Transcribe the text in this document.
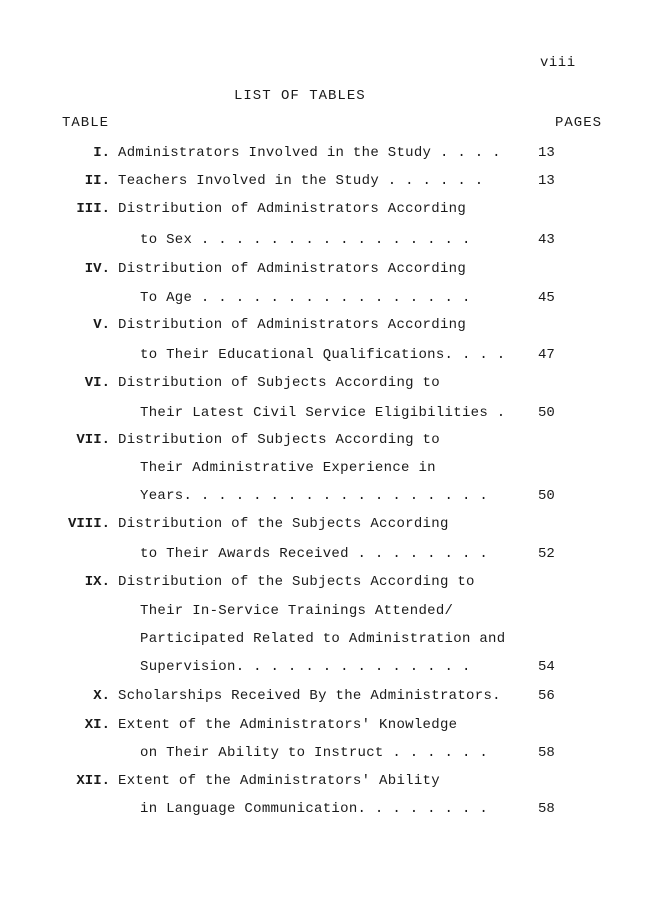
viii
LIST OF TABLES
TABLE	PAGES
I. Administrators Involved in the Study . . . .	13
II. Teachers Involved in the Study . . . . . .	13
III. Distribution of Administrators According
to Sex . . . . . . . . . . . . . . . .	43
IV. Distribution of Administrators According
To Age . . . . . . . . . . . . . . . .	45
V. Distribution of Administrators According
to Their Educational Qualifications. . . . 47
VI. Distribution of Subjects According to
Their Latest Civil Service Eligibilities . 50
VII. Distribution of Subjects According to
Their Administrative Experience in
Years. . . . . . . . . . . . . . . . . .	50
VIII. Distribution of the Subjects According
to Their Awards Received . . . . . . . .	52
IX. Distribution of the Subjects According to
Their In-Service Trainings Attended/
Participated Related to Administration and
Supervision. . . . . . . . . . . . . .	54
X. Scholarships Received By the Administrators.	56
XI. Extent of the Administrators' Knowledge
on Their Ability to Instruct . . . . . .	58
XII. Extent of the Administrators' Ability
in Language Communication. . . . . . . .	58
